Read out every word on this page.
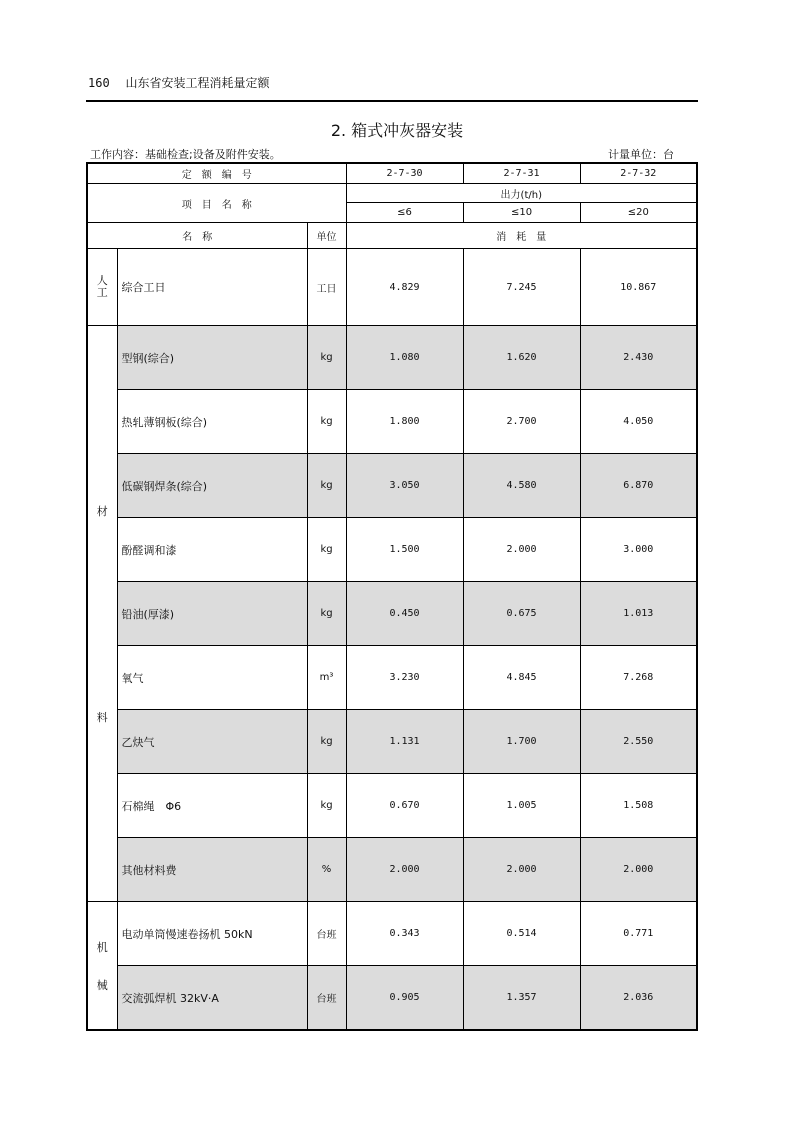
160 山东省安装工程消耗量定额
2. 箱式冲灰器安装
工作内容：基础检查;设备及附件安装。	计量单位：台
定　额　编　号			2-7-30	2-7-31	2-7-32
项　目　名　称			出力(t/h)		
			≤6	≤10	≤20
名　称		单位	消　耗　量		

人
工	综合工日	工日	4.829	7.245	10.867

材
料	型钢(综合)	kg	1.080	1.620	2.430
	热轧薄钢板(综合)	kg	1.800	2.700	4.050
	低碳钢焊条(综合)	kg	3.050	4.580	6.870
	酚醛调和漆	kg	1.500	2.000	3.000
	铅油(厚漆)	kg	0.450	0.675	1.013
	氧气	m³	3.230	4.845	7.268
	乙炔气	kg	1.131	1.700	2.550
	石棉绳　Φ6	kg	0.670	1.005	1.508
	其他材料费	%	2.000	2.000	2.000

机
械	电动单筒慢速卷扬机 50kN	台班	0.343	0.514	0.771
	交流弧焊机 32kV·A	台班	0.905	1.357	2.036
